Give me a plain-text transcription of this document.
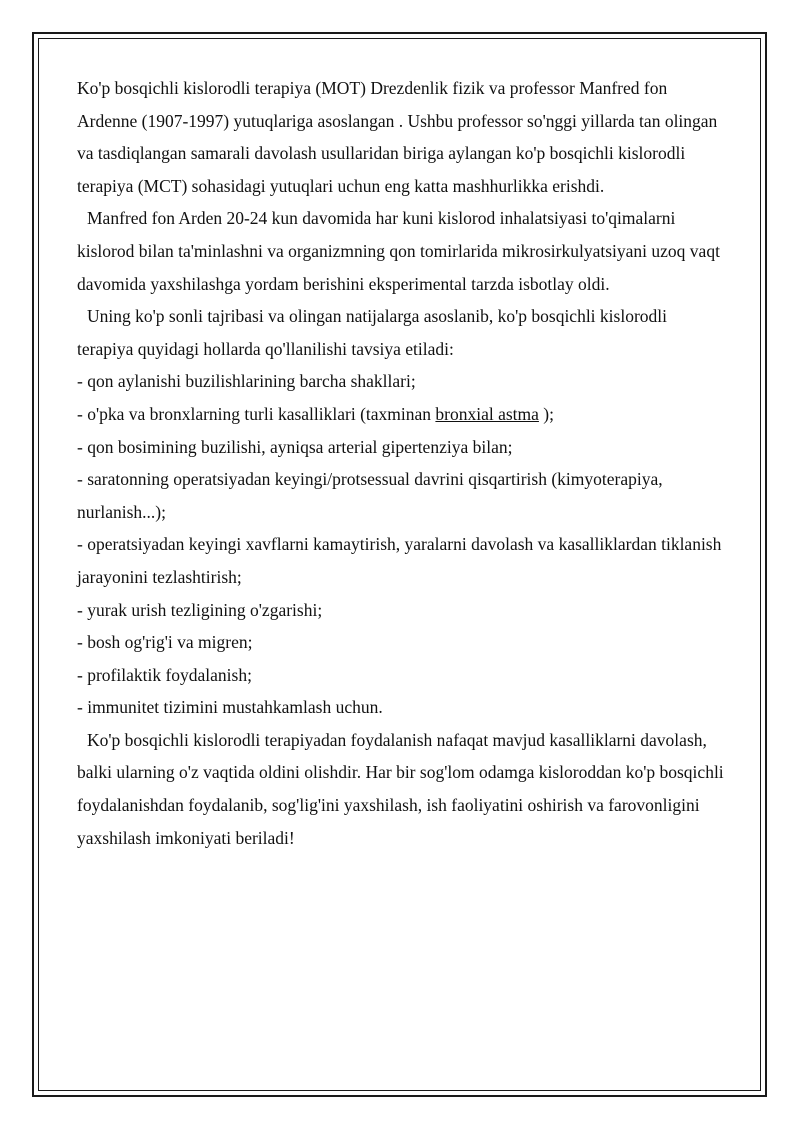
Ko'p bosqichli kislorodli terapiya (MOT) Drezdenlik fizik va professor Manfred fon Ardenne (1907-1997) yutuqlariga asoslangan . Ushbu professor so'nggi yillarda tan olingan va tasdiqlangan samarali davolash usullaridan biriga aylangan ko'p bosqichli kislorodli terapiya (MCT) sohasidagi yutuqlari uchun eng katta mashhurlikka erishdi.

Manfred fon Arden 20-24 kun davomida har kuni kislorod inhalatsiyasi to'qimalarni kislorod bilan ta'minlashni va organizmning qon tomirlarida mikrosirkulyatsiyani uzoq vaqt davomida yaxshilashga yordam berishini eksperimental tarzda isbotlay oldi.

Uning ko'p sonli tajribasi va olingan natijalarga asoslanib, ko'p bosqichli kislorodli terapiya quyidagi hollarda qo'llanilishi tavsiya etiladi:

- qon aylanishi buzilishlarining barcha shakllari;

- o'pka va bronxlarning turli kasalliklari (taxminan bronxial astma );

- qon bosimining buzilishi, ayniqsa arterial gipertenziya bilan;

- saratonning operatsiyadan keyingi/protsessual davrini qisqartirish (kimyoterapiya, nurlanish...);

- operatsiyadan keyingi xavflarni kamaytirish, yaralarni davolash va kasalliklardan tiklanish jarayonini tezlashtirish;

- yurak urish tezligining o'zgarishi;

- bosh og'rig'i va migren;

- profilaktik foydalanish;

- immunitet tizimini mustahkamlash uchun.

Ko'p bosqichli kislorodli terapiyadan foydalanish nafaqat mavjud kasalliklarni davolash, balki ularning o'z vaqtida oldini olishdir. Har bir sog'lom odamga kisloroddan ko'p bosqichli foydalanishdan foydalanib, sog'lig'ini yaxshilash, ish faoliyatini oshirish va farovonligini yaxshilash imkoniyati beriladi!
